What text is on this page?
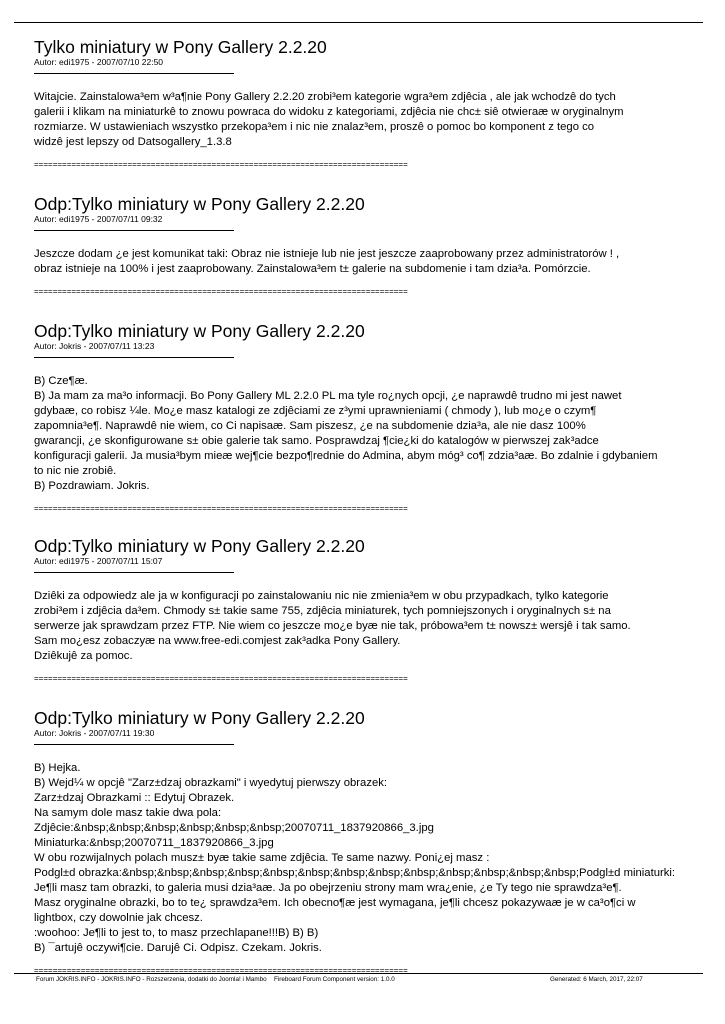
Tylko miniatury w Pony Gallery 2.2.20
Autor: edi1975 - 2007/07/10 22:50
Witajcie. Zainstalowa³em w³a¶nie Pony Gallery 2.2.20 zrobi³em kategorie wgra³em zdjêcia , ale jak wchodzê do tych
galerii i klikam na miniaturkê to znowu powraca do widoku z kategoriami, zdjêcia nie chc± siê otwieraæ w oryginalnym
rozmiarze. W ustawieniach wszystko przekopa³em i nic nie znalaz³em, proszê o pomoc bo komponent z tego co
widzê jest lepszy od Datsogallery_1.3.8
================================================================================
Odp:Tylko miniatury w Pony Gallery 2.2.20
Autor: edi1975 - 2007/07/11 09:32
Jeszcze dodam ¿e jest komunikat taki: Obraz nie istnieje lub nie jest jeszcze zaaprobowany przez administratorów ! ,
obraz istnieje na 100% i jest zaaprobowany. Zainstalowa³em t± galerie na subdomenie i tam dzia³a. Pomórzcie.
================================================================================
Odp:Tylko miniatury w Pony Gallery 2.2.20
Autor: Jokris - 2007/07/11 13:23
B) Cze¶æ.
B) Ja mam za ma³o informacji. Bo Pony Gallery ML 2.2.0 PL ma tyle ro¿nych opcji, ¿e naprawdê trudno mi jest nawet
gdybaæ, co robisz ¼le. Mo¿e masz katalogi ze zdjêciami ze z³ymi uprawnieniami ( chmody ), lub mo¿e o czym¶
zapomnia³e¶. Naprawdê nie wiem, co Ci napisaæ. Sam piszesz, ¿e na subdomenie dzia³a, ale nie dasz 100%
gwarancji, ¿e skonfigurowane s± obie galerie tak samo. Posprawdzaj ¶cie¿ki do katalogów w pierwszej zak³adce
konfiguracji galerii. Ja musia³bym mieæ wej¶cie bezpo¶rednie do Admina, abym móg³ co¶ zdzia³aæ. Bo zdalnie i gdybaniem
to nic nie zrobiê.
B) Pozdrawiam. Jokris.
================================================================================
Odp:Tylko miniatury w Pony Gallery 2.2.20
Autor: edi1975 - 2007/07/11 15:07
Dziêki za odpowiedz ale ja w konfiguracji po zainstalowaniu nic nie zmienia³em w obu przypadkach, tylko kategorie
zrobi³em i zdjêcia da³em. Chmody s± takie same 755, zdjêcia miniaturek, tych pomniejszonych i oryginalnych s± na
serwerze jak sprawdzam przez FTP. Nie wiem co jeszcze mo¿e byæ nie tak, próbowa³em t± nowsz± wersjê i tak samo.
Sam mo¿esz zobaczyæ na www.free-edi.comjest zak³adka Pony Gallery.
Dziêkujê za pomoc.
================================================================================
Odp:Tylko miniatury w Pony Gallery 2.2.20
Autor: Jokris - 2007/07/11 19:30
B) Hejka.
B) Wejd¼ w opcjê "Zarz±dzaj obrazkami" i wyedytuj pierwszy obrazek:
Zarz±dzaj Obrazkami :: Edytuj Obrazek.
Na samym dole masz takie dwa pola:
Zdjêcie:&nbsp;&nbsp;&nbsp;&nbsp;&nbsp;&nbsp;20070711_1837920866_3.jpg
Miniaturka:&nbsp;20070711_1837920866_3.jpg
W obu rozwijalnych polach musz± byæ takie same zdjêcia. Te same nazwy. Poni¿ej masz :
Podgl±d obrazka:&nbsp;&nbsp;&nbsp;&nbsp;&nbsp;&nbsp;&nbsp;&nbsp;&nbsp;&nbsp;&nbsp;&nbsp;&nbsp;Podgl±d miniaturki:
Je¶li masz tam obrazki, to galeria musi dzia³aæ. Ja po obejrzeniu strony mam wra¿enie, ¿e Ty tego nie sprawdza³e¶.
Masz oryginalne obrazki, bo to te¿ sprawdza³em. Ich obecno¶æ jest wymagana, je¶li chcesz pokazywaæ je w ca³o¶ci w
lightbox, czy dowolnie jak chcesz.
:woohoo: Je¶li to jest to, to masz przechlapane!!!B) B) B)
B) ¯artujê oczywi¶cie. Darujê Ci. Odpisz. Czekam. Jokris.
================================================================================
Forum JOKRIS.INFO - JOKRIS.INFO - Rozszerzenia, dodatki do Joomla! i Mambo Fireboard Forum Component version: 1.0.0	Generated: 6 March, 2017, 22:07
